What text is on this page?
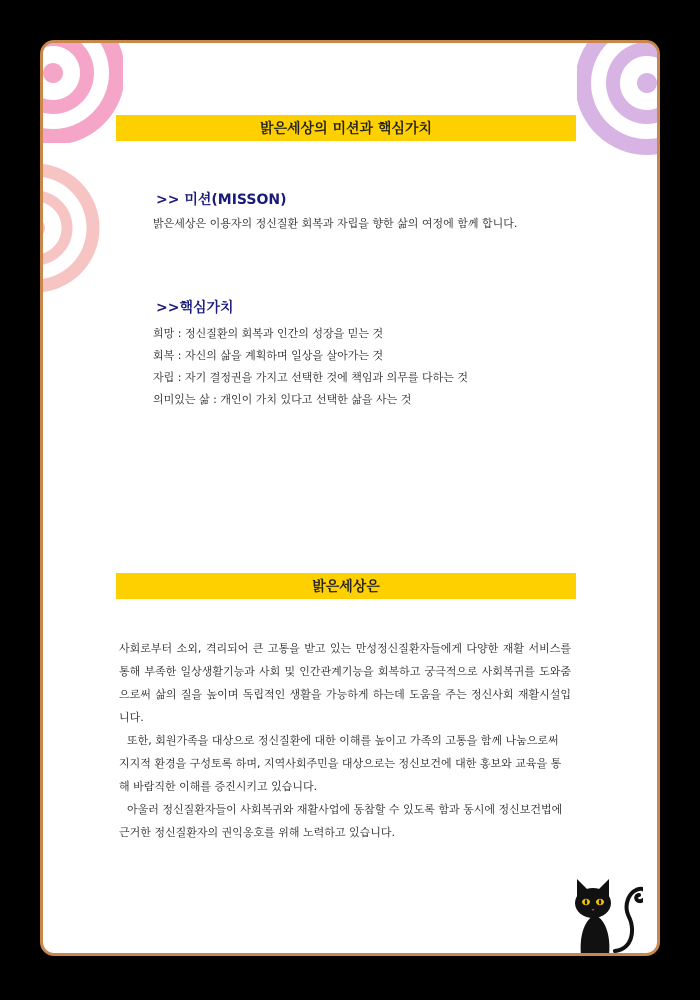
밝은세상의 미션과 핵심가치
>> 미션(MISSON)
밝은세상은 이용자의 정신질환 회복과 자립을 향한 삶의 여정에 함께 합니다.
>>핵심가치
희망 : 정신질환의 회복과 인간의 성장을 믿는 것
회복 : 자신의 삶을 계획하며 일상을 살아가는 것
자립 : 자기 결정권을 가지고 선택한 것에 책임과 의무를 다하는 것
의미있는 삶 : 개인이 가치 있다고 선택한 삶을 사는 것
밝은세상은

사회로부터 소외, 격리되어 큰 고통을 받고 있는 만성정신질환자들에게 다양한 재활 서비스를 통해 부족한 일상생활기능과 사회 및 인간관계기능을 회복하고 궁극적으로 사회복귀를 도와줌으로써 삶의 질을 높이며 독립적인 생활을 가능하게 하는데 도움을 주는 정신사회 재활시설입니다.

또한, 회원가족을 대상으로 정신질환에 대한 이해를 높이고 가족의 고통을 함께 나눔으로써 지지적 환경을 구성토록 하며, 지역사회주민을 대상으로는 정신보건에 대한 홍보와 교육을 통해 바람직한 이해를 증진시키고 있습니다.

아울러 정신질환자들이 사회복귀와 재활사업에 동참할 수 있도록 함과 동시에 정신보건법에 근거한 정신질환자의 권익옹호를 위해 노력하고 있습니다.
